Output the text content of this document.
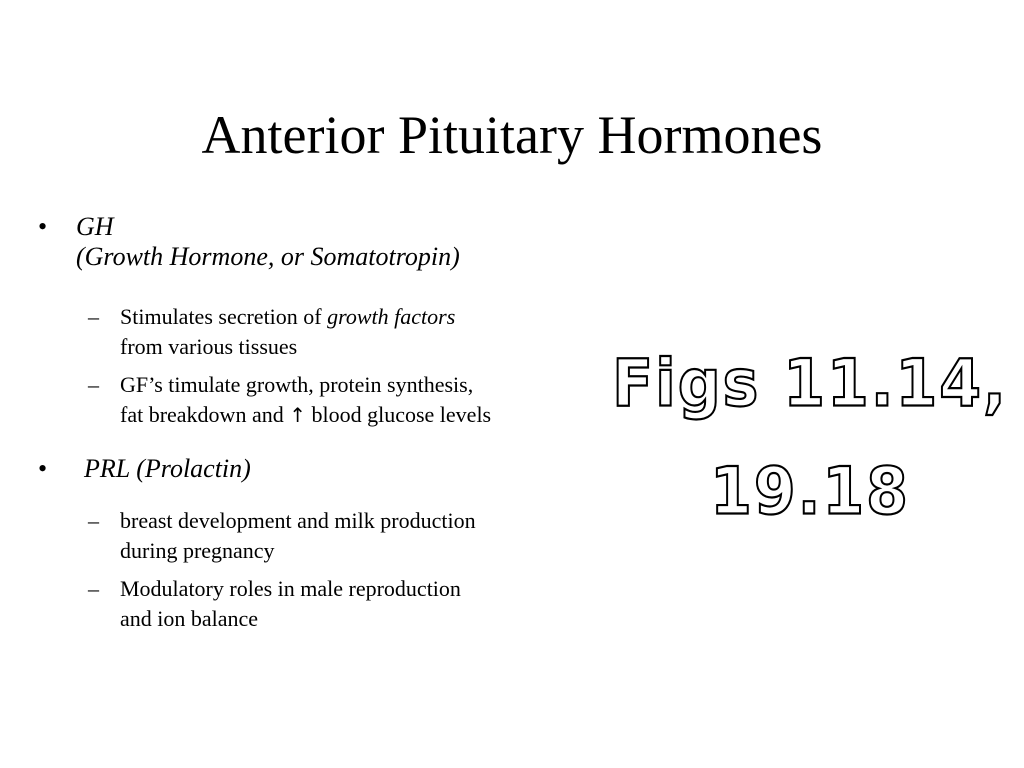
Anterior Pituitary Hormones
• GH
(Growth Hormone, or Somatotropin)
– Stimulates secretion of growth factors
from various tissues
– GF’s timulate growth, protein synthesis,
fat breakdown and ↑ blood glucose levels
• PRL (Prolactin)
– breast development and milk production
during pregnancy
– Modulatory roles in male reproduction
and ion balance
Figs 11.14,
19.18
